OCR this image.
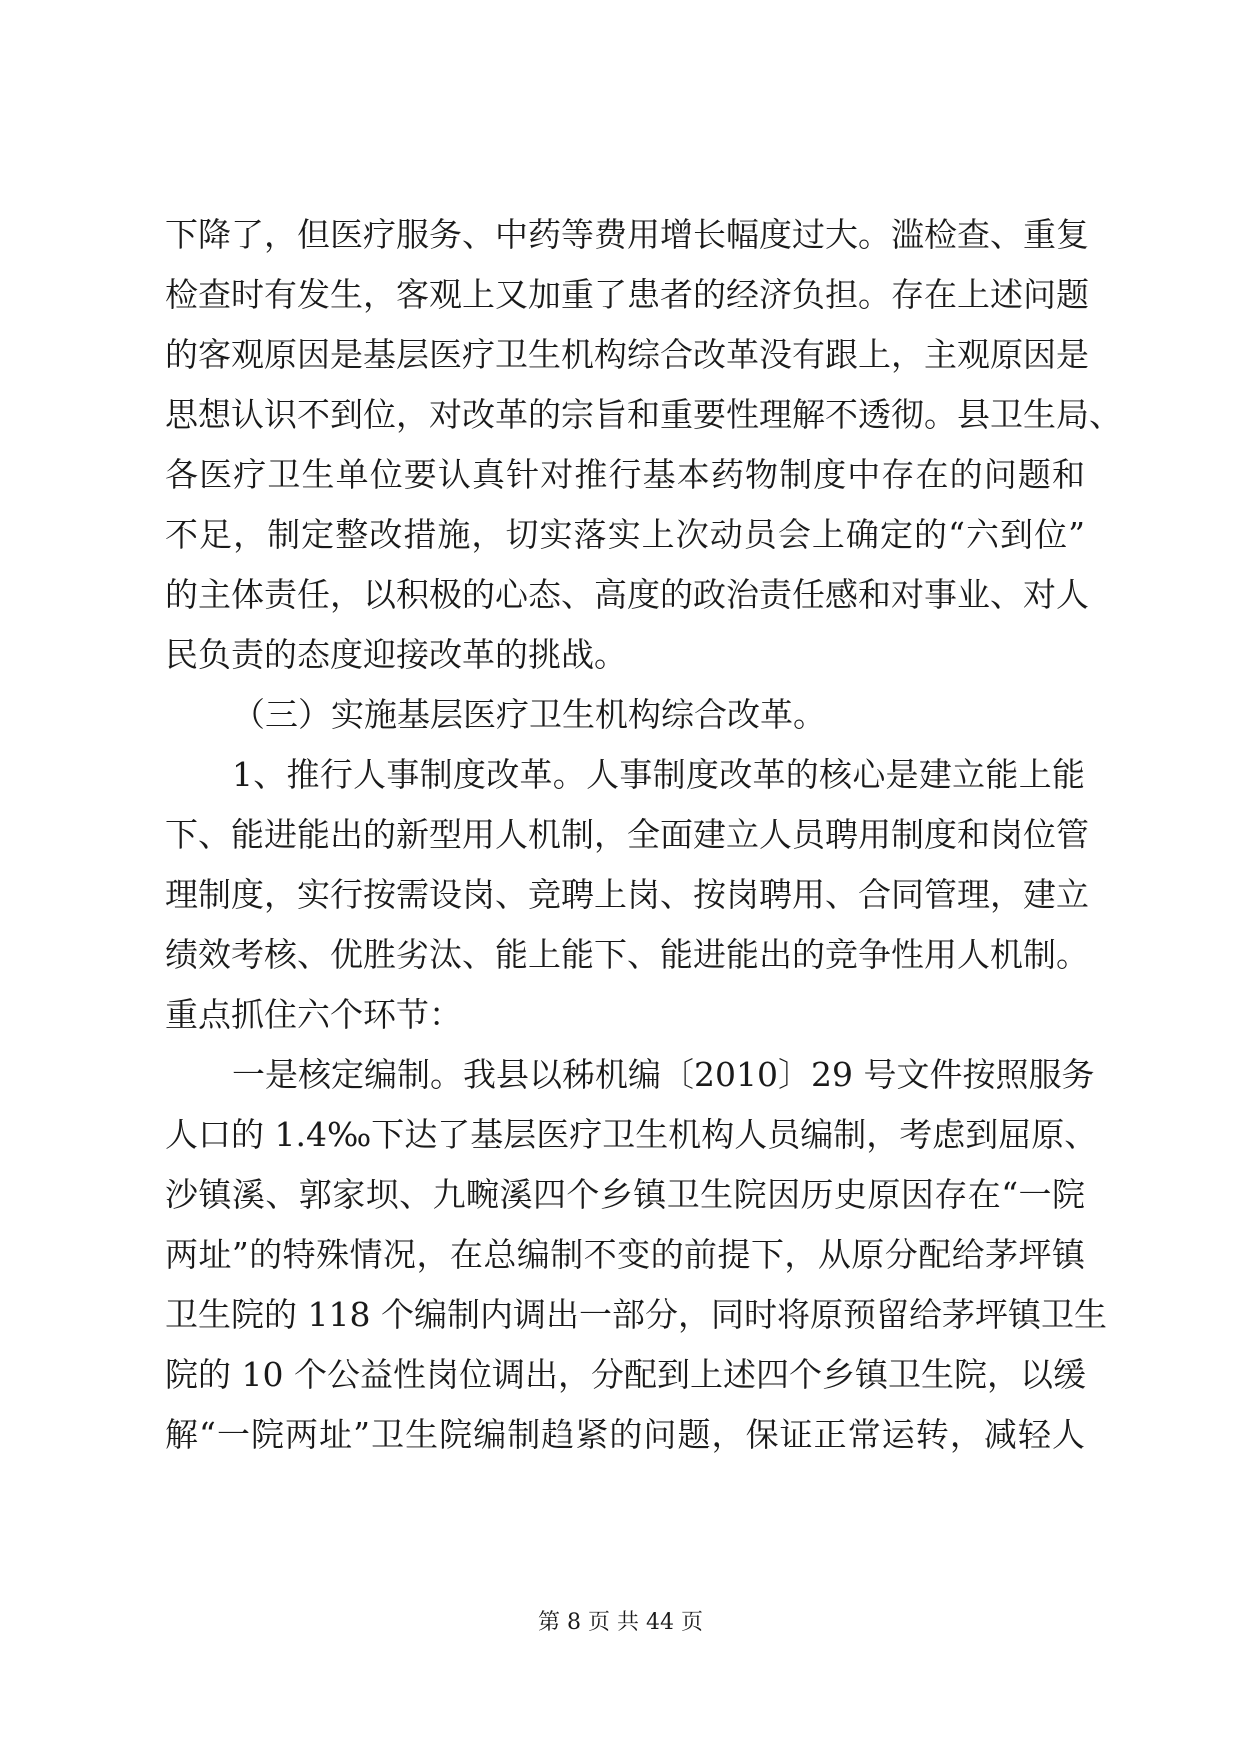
下降了，但医疗服务、中药等费用增长幅度过大。滥检查、重复
检查时有发生，客观上又加重了患者的经济负担。存在上述问题
的客观原因是基层医疗卫生机构综合改革没有跟上，主观原因是
思想认识不到位，对改革的宗旨和重要性理解不透彻。县卫生局、
各医疗卫生单位要认真针对推行基本药物制度中存在的问题和
不足，制定整改措施，切实落实上次动员会上确定的“六到位”
的主体责任，以积极的心态、高度的政治责任感和对事业、对人
民负责的态度迎接改革的挑战。
（三）实施基层医疗卫生机构综合改革。
1、推行人事制度改革。人事制度改革的核心是建立能上能
下、能进能出的新型用人机制，全面建立人员聘用制度和岗位管
理制度，实行按需设岗、竞聘上岗、按岗聘用、合同管理，建立
绩效考核、优胜劣汰、能上能下、能进能出的竞争性用人机制。
重点抓住六个环节：
一是核定编制。我县以秭机编〔2010〕29 号文件按照服务
人口的 1.4‰下达了基层医疗卫生机构人员编制，考虑到屈原、
沙镇溪、郭家坝、九畹溪四个乡镇卫生院因历史原因存在“一院
两址”的特殊情况，在总编制不变的前提下，从原分配给茅坪镇
卫生院的 118 个编制内调出一部分，同时将原预留给茅坪镇卫生
院的 10 个公益性岗位调出，分配到上述四个乡镇卫生院，以缓
解“一院两址”卫生院编制趋紧的问题，保证正常运转，减轻人
第 8 页 共 44 页
